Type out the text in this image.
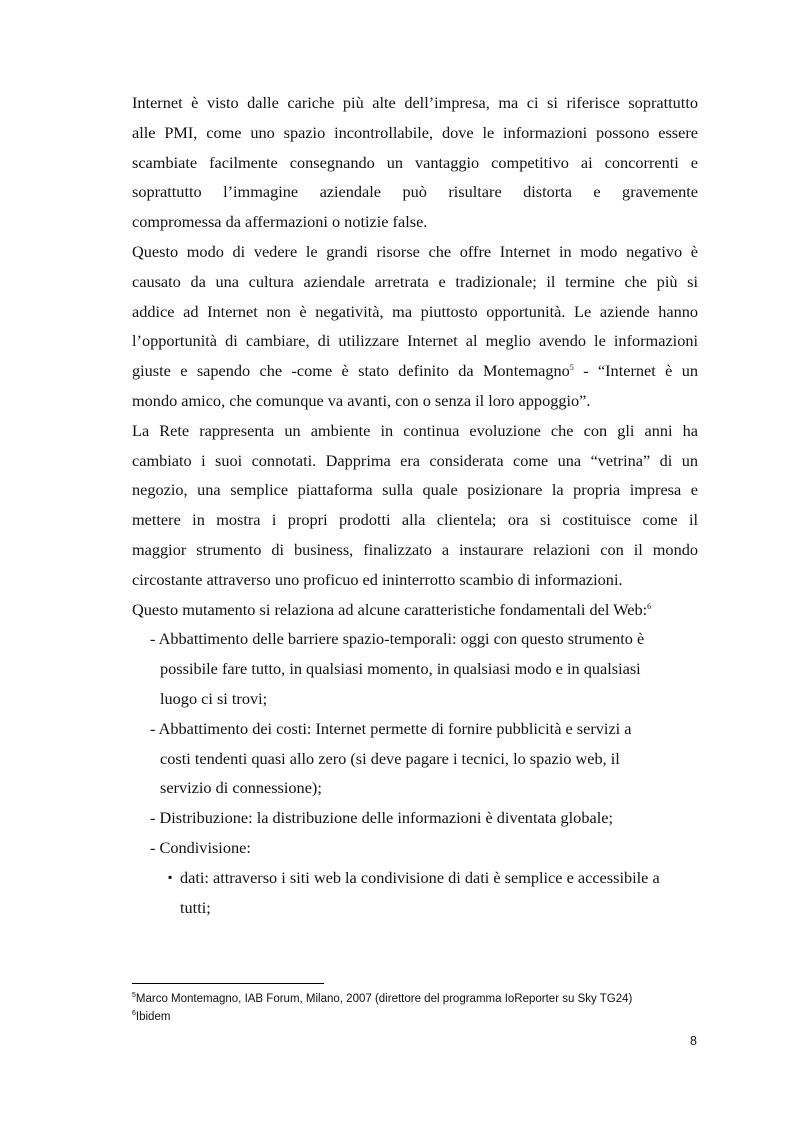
Internet è visto dalle cariche più alte dell’impresa, ma ci si riferisce soprattutto

alle PMI, come uno spazio incontrollabile, dove le informazioni possono essere

scambiate facilmente consegnando un vantaggio competitivo ai concorrenti e

soprattutto l’immagine aziendale può risultare distorta e gravemente

compromessa da affermazioni o notizie false.

Questo modo di vedere le grandi risorse che offre Internet in modo negativo è

causato da una cultura aziendale arretrata e tradizionale; il termine che più si

addice ad Internet non è negatività, ma piuttosto opportunità. Le aziende hanno

l’opportunità di cambiare, di utilizzare Internet al meglio avendo le informazioni

giuste e sapendo che -come è stato definito da Montemagno$^5$ - “Internet è un

mondo amico, che comunque va avanti, con o senza il loro appoggio”.

La Rete rappresenta un ambiente in continua evoluzione che con gli anni ha

cambiato i suoi connotati. Dapprima era considerata come una “vetrina” di un

negozio, una semplice piattaforma sulla quale posizionare la propria impresa e

mettere in mostra i propri prodotti alla clientela; ora si costituisce come il

maggior strumento di business, finalizzato a instaurare relazioni con il mondo

circostante attraverso uno proficuo ed ininterrotto scambio di informazioni.

Questo mutamento si relaziona ad alcune caratteristiche fondamentali del Web:$^6$

- Abbattimento delle barriere spazio-temporali: oggi con questo strumento è

possibile fare tutto, in qualsiasi momento, in qualsiasi modo e in qualsiasi

luogo ci si trovi;

- Abbattimento dei costi: Internet permette di fornire pubblicità e servizi a

costi tendenti quasi allo zero (si deve pagare i tecnici, lo spazio web, il

servizio di connessione);

- Distribuzione: la distribuzione delle informazioni è diventata globale;

- Condivisione:

▪ dati: attraverso i siti web la condivisione di dati è semplice e accessibile a

tutti;

$^5$Marco Montemagno, IAB Forum, Milano, 2007 (direttore del programma IoReporter su Sky TG24)
$^6$Ibidem
8
